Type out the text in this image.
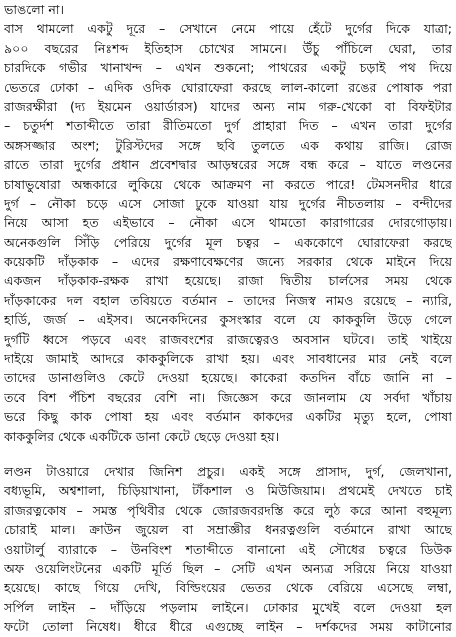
ভাঙলো না।
বাস থামলো একটু দূরে – সেখানে নেমে পায়ে হেঁটে দুর্গের দিকে যাত্রা;
৯০০ বছরের নিঃশব্দ ইতিহাস চোখের সামনে। উঁচু পাঁচিলে ঘেরা, তার
চারদিকে গভীর খানাখন্দ – এখন শুকনো; পাথরের একটু চড়াই পথ দিয়ে
ভেতরে ঢোকা – এদিক ওদিক ঘোরাফেরা করছে লাল-কালো রঙের পোষাক পরা
রাজরক্ষীরা (দ্য ইয়মেন ওয়ার্ডারস) যাদের অন্য নাম গরু-খেকো বা বিফইটার
– চতুর্দশ শতাব্দীতে তারা রীতিমতো দুর্গ প্রাহারা দিত – এখন তারা দুর্গের
অঙ্গসজ্জার অংশ; টুরিস্টদের সঙ্গে ছবি তুলতে এক কথায় রাজি। রোজ
রাতে তারা দুর্গের প্রধান প্রবেশদ্বার আড়ম্বরের সঙ্গে বন্ধ করে – যাতে লণ্ডনের
চাষাভুষোরা অন্ধকারে লুকিয়ে থেকে আক্রমণ না করতে পারে! টেমসনদীর ধারে
দুর্গ – নৌকা চড়ে এসে সোজা ঢুকে যাওয়া যায় দুর্গের নীচতলায় – বন্দীদের
নিয়ে আসা হত এইভাবে – নৌকা এসে থামতো কারাগারের দোরগোড়ায়।
অনেকগুলি সিঁড়ি পেরিয়ে দুর্গের মূল চত্বর – এককোণে ঘোরাফেরা করছে
কয়েকটি দাঁড়কাক – এদের রক্ষণাবেক্ষণের জন্যে সরকার থেকে মাইনে দিয়ে
একজন দাঁড়কাক-রক্ষক রাখা হয়েছে। রাজা দ্বিতীয় চার্লসের সময় থেকে
দাঁড়কাকের দল বহাল তবিয়তে বর্তমান – তাদের নিজস্ব নামও রয়েছে – ন্যারি,
হার্ডি, জর্জ – এইসব। অনেকদিনের কুসংস্কার বলে যে কাককুলি উড়ে গেলে
দুর্গটি ধ্বসে পড়বে এবং রাজবংশের রাজত্বেরও অবসান ঘটবে। তাই খাইয়ে
দাইয়ে জামাই আদরে কাককুলিকে রাখা হয়। এবং সাবধানের মার নেই বলে
তাদের ডানাগুলিও কেটে দেওয়া হয়েছে। কাকেরা কতদিন বাঁচে জানি না –
তবে বিশ পঁচিশ বছরের বেশি না। জিজ্ঞেস করে জানলাম যে সর্বদা খাঁচায়
ভরে কিছু কাক পোষা হয় এবং বর্তমান কাকদের একটির মৃত্যু হলে, পোষা
কাককুলির থেকে একটিকে ডানা কেটে ছেড়ে দেওয়া হয়।
লণ্ডন টাওয়ারে দেখার জিনিশ প্রচুর। একই সঙ্গে প্রাসাদ, দুর্গ, জেলখানা,
বধ্যভূমি, অশ্বশালা, চিড়িয়াখানা, টাঁকশাল ও মিউজিয়াম। প্রথমেই দেখতে চাই
রাজরত্নকোষ – সমস্ত পৃথিবীর থেকে জোরজবরদস্তি করে লুঠ করে আনা বহুমূল্য
চোরাই মাল। ক্রাউন জুয়েল বা সম্রাজ্ঞীর ধনরত্নগুলি বর্তমানে রাখা আছে
ওয়াটার্লু ব্যারাকে – উনবিংশ শতাব্দীতে বানানো এই সৌধের চত্বরে ডিউক
অফ ওয়েলিংটনের একটি মূর্তি ছিল – সেটি এখন অন্যত্র সরিয়ে নিয়ে যাওয়া
হয়েছে। কাছে গিয়ে দেখি, বিল্ডিংয়ের ভেতর থেকে বেরিয়ে এসেছে লম্বা,
সর্পিল লাইন – দাঁড়িয়ে পড়লাম লাইনে। ঢোকার মুখেই বলে দেওয়া হল
ফটো তোলা নিষেধ। ধীরে ধীরে এগুচ্ছে লাইন – দর্শকদের সময় কাটানোর
